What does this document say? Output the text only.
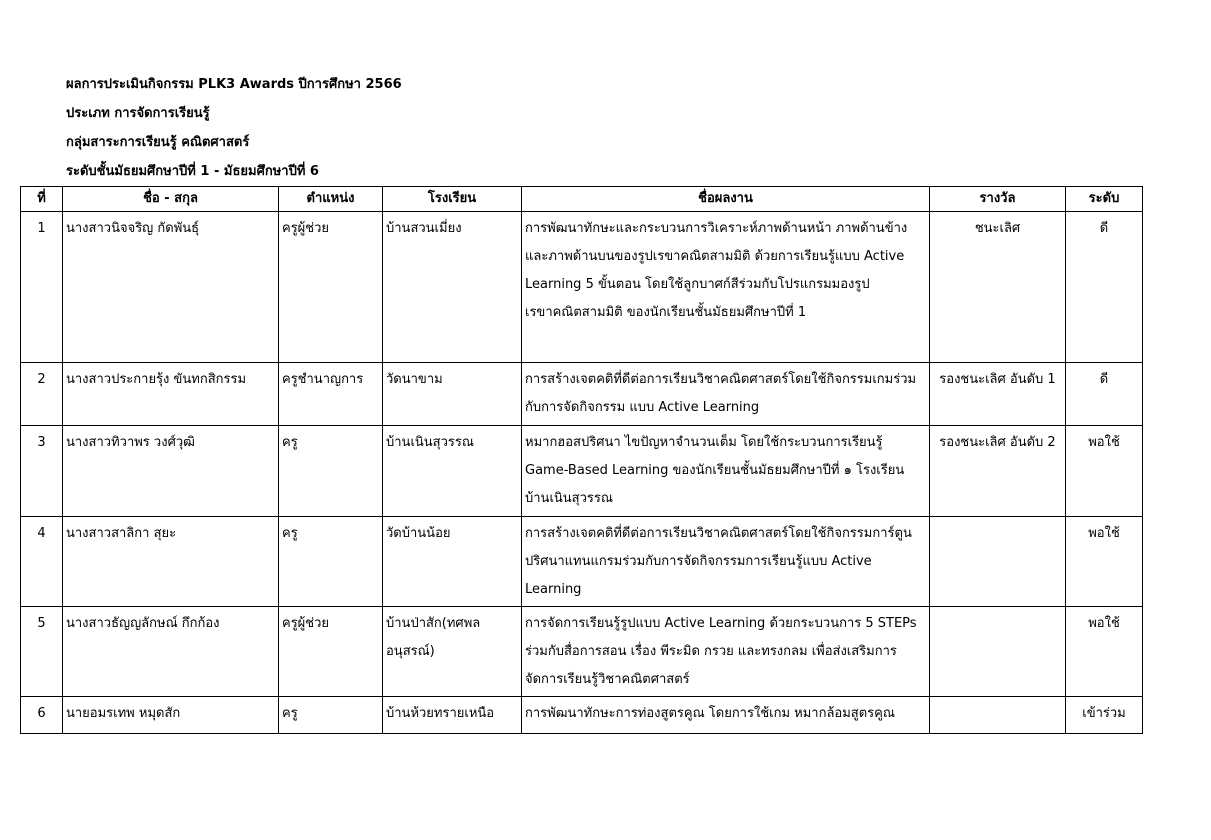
ผลการประเมินกิจกรรม PLK3 Awards ปีการศึกษา 2566
ประเภท การจัดการเรียนรู้
กลุ่มสาระการเรียนรู้ คณิตศาสตร์
ระดับชั้นมัธยมศึกษาปีที่ 1 - มัธยมศึกษาปีที่ 6
ที่	ชื่อ - สกุล	ตำแหน่ง	โรงเรียน	ชื่อผลงาน	รางวัล	ระดับ
1	นางสาวนิจจริญ กัดพันธุ์	ครูผู้ช่วย	บ้านสวนเมี่ยง	การพัฒนาทักษะและกระบวนการวิเคราะห์ภาพด้านหน้า ภาพด้านข้าง และภาพด้านบนของรูปเรขาคณิตสามมิติ ด้วยการเรียนรู้แบบ Active Learning 5 ขั้นตอน โดยใช้ลูกบาศก์สีร่วมกับโปรแกรมมองรูปเรขาคณิตสามมิติ ของนักเรียนชั้นมัธยมศึกษาปีที่ 1	ชนะเลิศ	ดี
2	นางสาวประกายรุ้ง ขันทกสิกรรม	ครูชำนาญการ	วัดนาขาม	การสร้างเจตคติที่ดีต่อการเรียนวิชาคณิตศาสตร์โดยใช้กิจกรรมเกมร่วมกับการจัดกิจกรรม แบบ Active Learning	รองชนะเลิศ อันดับ 1	ดี
3	นางสาวทิวาพร วงศ์วุฒิ	ครู	บ้านเนินสุวรรณ	หมากฮอสปริศนา ไขปัญหาจำนวนเต็ม โดยใช้กระบวนการเรียนรู้ Game-Based Learning ของนักเรียนชั้นมัธยมศึกษาปีที่ ๑ โรงเรียนบ้านเนินสุวรรณ	รองชนะเลิศ อันดับ 2	พอใช้
4	นางสาวสาลิกา สุยะ	ครู	วัดบ้านน้อย	การสร้างเจตคติที่ดีต่อการเรียนวิชาคณิตศาสตร์โดยใช้กิจกรรมการ์ตูน ปริศนาแทนแกรมร่วมกับการจัดกิจกรรมการเรียนรู้แบบ Active Learning		พอใช้
5	นางสาวธัญญลักษณ์ กึกก้อง	ครูผู้ช่วย	บ้านป่าสัก(ทศพลอนุสรณ์)	การจัดการเรียนรู้รูปแบบ Active Learning ด้วยกระบวนการ 5 STEPs ร่วมกับสื่อการสอน เรื่อง พีระมิด กรวย และทรงกลม เพื่อส่งเสริมการจัดการเรียนรู้วิชาคณิตศาสตร์		พอใช้
6	นายอมรเทพ หมุดสัก	ครู	บ้านห้วยทรายเหนือ	การพัฒนาทักษะการท่องสูตรคูณ โดยการใช้เกม หมากล้อมสูตรคูณ		เข้าร่วม
